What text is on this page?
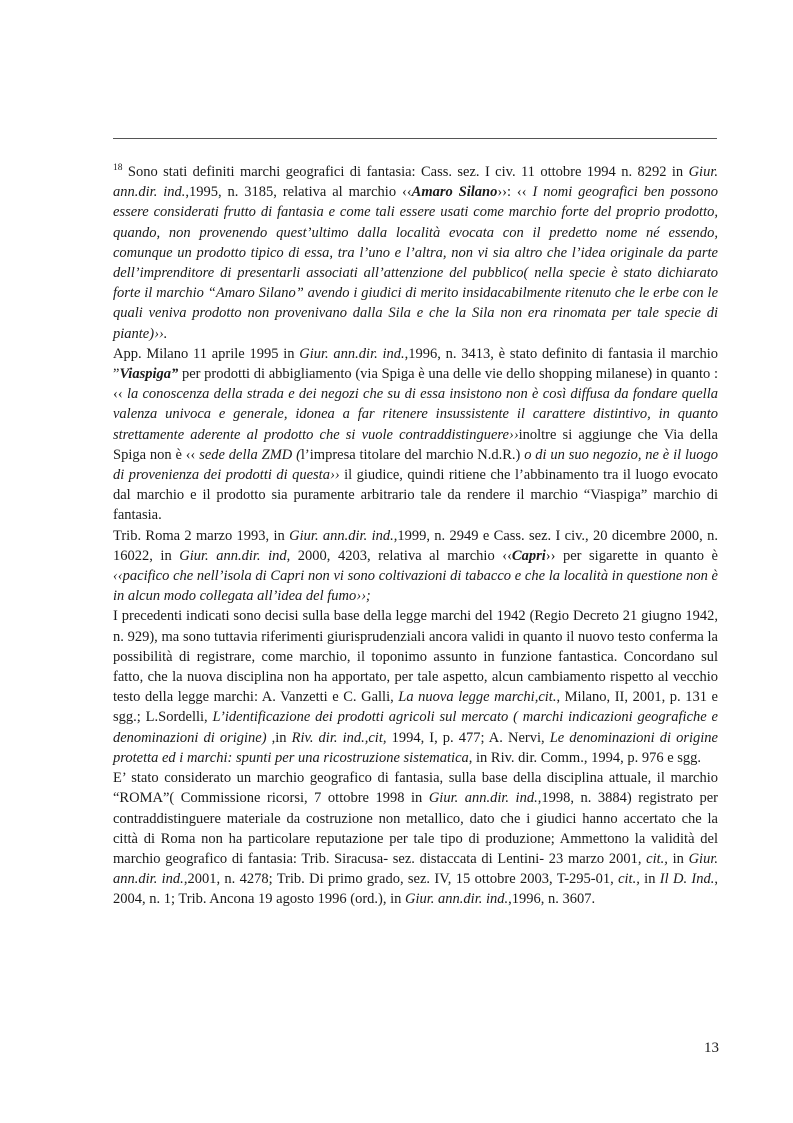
$^{18}$ Sono stati definiti marchi geografici di fantasia: Cass. sez. I civ. 11 ottobre 1994 n. 8292 in Giur. ann.dir. ind.,1995, n. 3185, relativa al marchio ‹‹Amaro Silano››: ‹‹ I nomi geografici ben possono essere considerati frutto di fantasia e come tali essere usati come marchio forte del proprio prodotto, quando, non provenendo quest’ultimo dalla località evocata con il predetto nome né essendo, comunque un prodotto tipico di essa, tra l’uno e l’altra, non vi sia altro che l’idea originale da parte dell’imprenditore di presentarli associati all’attenzione del pubblico( nella specie è stato dichiarato forte il marchio “Amaro Silano” avendo i giudici di merito insidacabilmente ritenuto che le erbe con le quali veniva prodotto non provenivano dalla Sila e che la Sila non era rinomata per tale specie di piante)››.

App. Milano 11 aprile 1995 in Giur. ann.dir. ind.,1996, n. 3413, è stato definito di fantasia il marchio ”Viaspiga” per prodotti di abbigliamento (via Spiga è una delle vie dello shopping milanese) in quanto : ‹‹ la conoscenza della strada e dei negozi che su di essa insistono non è così diffusa da fondare quella valenza univoca e generale, idonea a far ritenere insussistente il carattere distintivo, in quanto strettamente aderente al prodotto che si vuole contraddistinguere››inoltre si aggiunge che Via della Spiga non è ‹‹ sede della ZMD (l’impresa titolare del marchio N.d.R.) o di un suo negozio, ne è il luogo di provenienza dei prodotti di questa›› il giudice, quindi ritiene che l’abbinamento tra il luogo evocato dal marchio e il prodotto sia puramente arbitrario tale da rendere il marchio “Viaspiga” marchio di fantasia.

Trib. Roma 2 marzo 1993, in Giur. ann.dir. ind.,1999, n. 2949 e Cass. sez. I civ., 20 dicembre 2000, n. 16022, in Giur. ann.dir. ind, 2000, 4203, relativa al marchio ‹‹Capri›› per sigarette in quanto è ‹‹pacifico che nell’isola di Capri non vi sono coltivazioni di tabacco e che la località in questione non è in alcun modo collegata all’idea del fumo››;

I precedenti indicati sono decisi sulla base della legge marchi del 1942 (Regio Decreto 21 giugno 1942, n. 929), ma sono tuttavia riferimenti giurisprudenziali ancora validi in quanto il nuovo testo conferma la possibilità di registrare, come marchio, il toponimo assunto in funzione fantastica. Concordano sul fatto, che la nuova disciplina non ha apportato, per tale aspetto, alcun cambiamento rispetto al vecchio testo della legge marchi: A. Vanzetti e C. Galli, La nuova legge marchi,cit., Milano, II, 2001, p. 131 e sgg.; L.Sordelli, L’identificazione dei prodotti agricoli sul mercato ( marchi indicazioni geografiche e denominazioni di origine) ,in Riv. dir. ind.,cit, 1994, I, p. 477; A. Nervi, Le denominazioni di origine protetta ed i marchi: spunti per una ricostruzione sistematica, in Riv. dir. Comm., 1994, p. 976 e sgg.

E’ stato considerato un marchio geografico di fantasia, sulla base della disciplina attuale, il marchio “ROMA”( Commissione ricorsi, 7 ottobre 1998 in Giur. ann.dir. ind.,1998, n. 3884) registrato per contraddistinguere materiale da costruzione non metallico, dato che i giudici hanno accertato che la città di Roma non ha particolare reputazione per tale tipo di produzione; Ammettono la validità del marchio geografico di fantasia: Trib. Siracusa- sez. distaccata di Lentini- 23 marzo 2001, cit., in Giur. ann.dir. ind.,2001, n. 4278; Trib. Di primo grado, sez. IV, 15 ottobre 2003, T-295-01, cit., in Il D. Ind., 2004, n. 1; Trib. Ancona 19 agosto 1996 (ord.), in Giur. ann.dir. ind.,1996, n. 3607.

13
